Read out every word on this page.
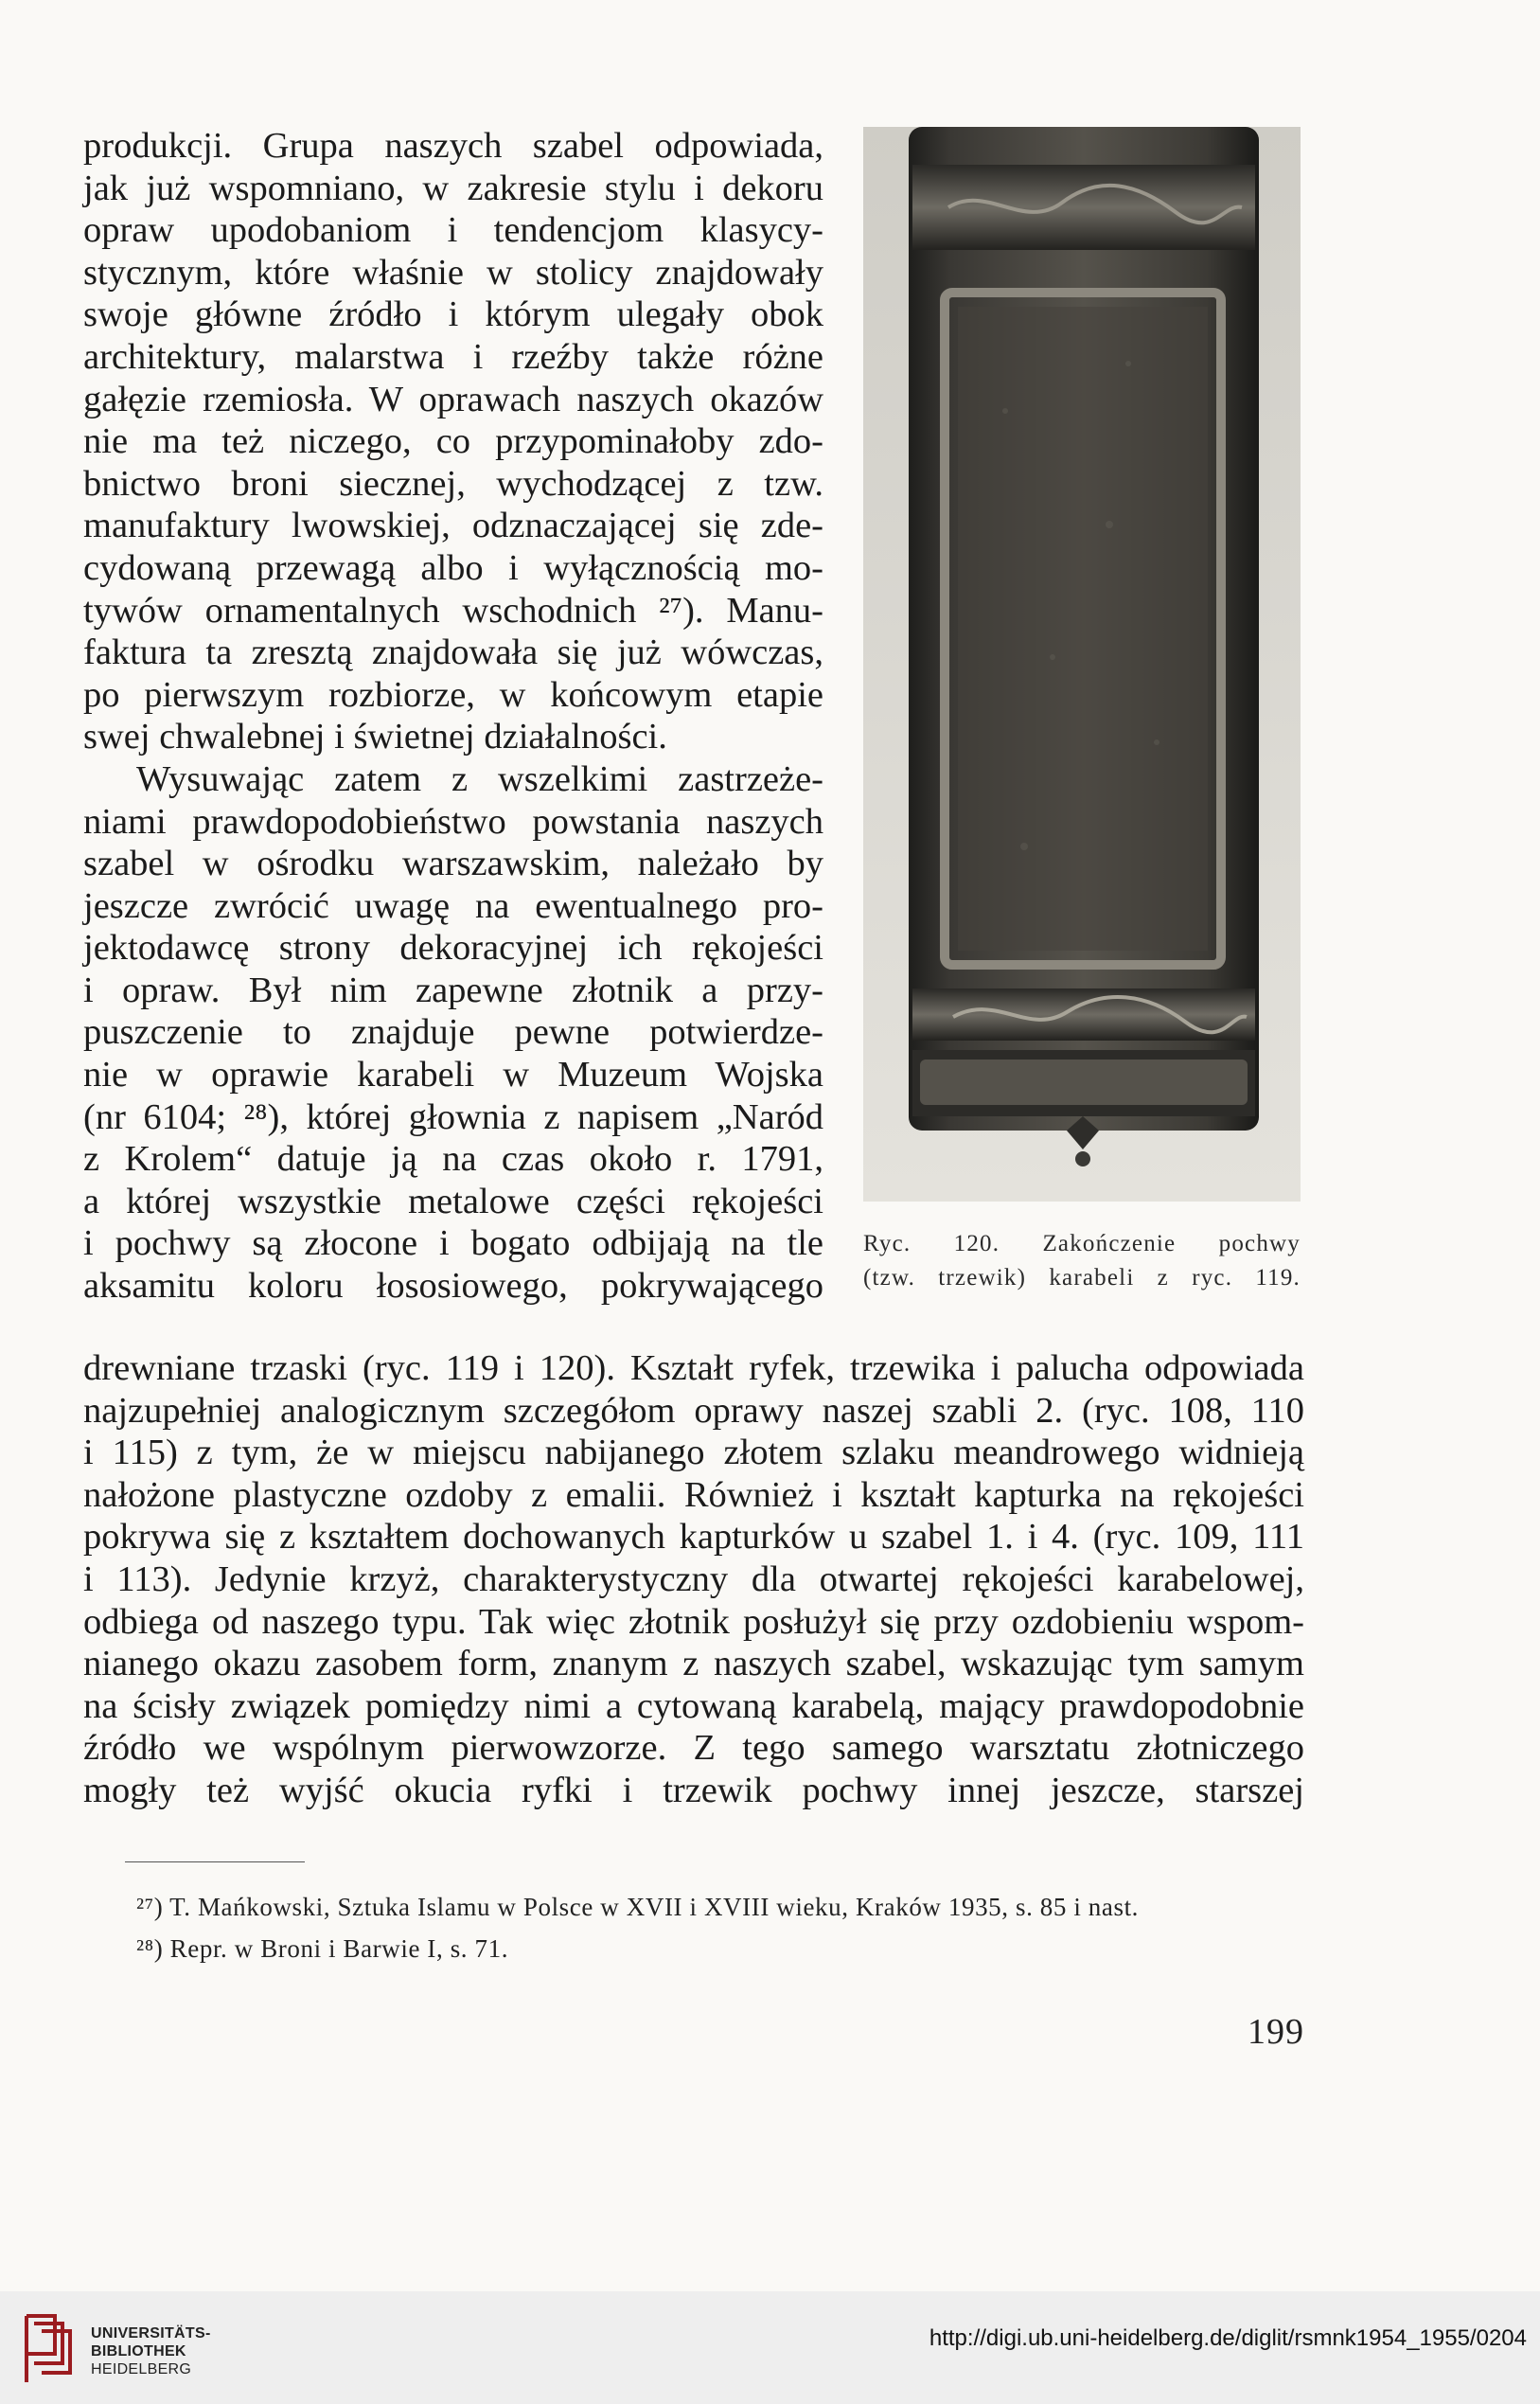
produkcji. Grupa naszych szabel odpowiada,
jak już wspomniano, w zakresie stylu i dekoru
opraw upodobaniom i tendencjom klasycy-
stycznym, które właśnie w stolicy znajdowały
swoje główne źródło i którym ulegały obok
architektury, malarstwa i rzeźby także różne
gałęzie rzemiosła. W oprawach naszych okazów
nie ma też niczego, co przypominałoby zdo-
bnictwo broni siecznej, wychodzącej z tzw.
manufaktury lwowskiej, odznaczającej się zde-
cydowaną przewagą albo i wyłącznością mo-
tywów ornamentalnych wschodnich ²⁷). Manu-
faktura ta zresztą znajdowała się już wówczas,
po pierwszym rozbiorze, w końcowym etapie
swej chwalebnej i świetnej działalności.
Wysuwając zatem z wszelkimi zastrzeże-
niami prawdopodobieństwo powstania naszych
szabel w ośrodku warszawskim, należało by
jeszcze zwrócić uwagę na ewentualnego pro-
jektodawcę strony dekoracyjnej ich rękojeści
i opraw. Był nim zapewne złotnik a przy-
puszczenie to znajduje pewne potwierdze-
nie w oprawie karabeli w Muzeum Wojska
(nr 6104; ²⁸), której głownia z napisem „Naród
z Krolem“ datuje ją na czas około r. 1791,
a której wszystkie metalowe części rękojeści
i pochwy są złocone i bogato odbijają na tle
aksamitu koloru łososiowego, pokrywającego
Ryc. 120. Zakończenie pochwy
(tzw. trzewik) karabeli z ryc. 119.
drewniane trzaski (ryc. 119 i 120). Kształt ryfek, trzewika i palucha odpowiada
najzupełniej analogicznym szczegółom oprawy naszej szabli 2. (ryc. 108, 110
i 115) z tym, że w miejscu nabijanego złotem szlaku meandrowego widnieją
nałożone plastyczne ozdoby z emalii. Również i kształt kapturka na rękojeści
pokrywa się z kształtem dochowanych kapturków u szabel 1. i 4. (ryc. 109, 111
i 113). Jedynie krzyż, charakterystyczny dla otwartej rękojeści karabelowej,
odbiega od naszego typu. Tak więc złotnik posłużył się przy ozdobieniu wspom-
nianego okazu zasobem form, znanym z naszych szabel, wskazując tym samym
na ścisły związek pomiędzy nimi a cytowaną karabelą, mający prawdopodobnie
źródło we wspólnym pierwowzorze. Z tego samego warsztatu złotniczego
mogły też wyjść okucia ryfki i trzewik pochwy innej jeszcze, starszej
²⁷) T. Mańkowski, Sztuka Islamu w Polsce w XVII i XVIII wieku, Kraków 1935, s. 85 i nast.
²⁸) Repr. w Broni i Barwie I, s. 71.
199
UNIVERSITÄTS-
BIBLIOTHEK
HEIDELBERG
http://digi.ub.uni-heidelberg.de/diglit/rsmnk1954_1955/0204
